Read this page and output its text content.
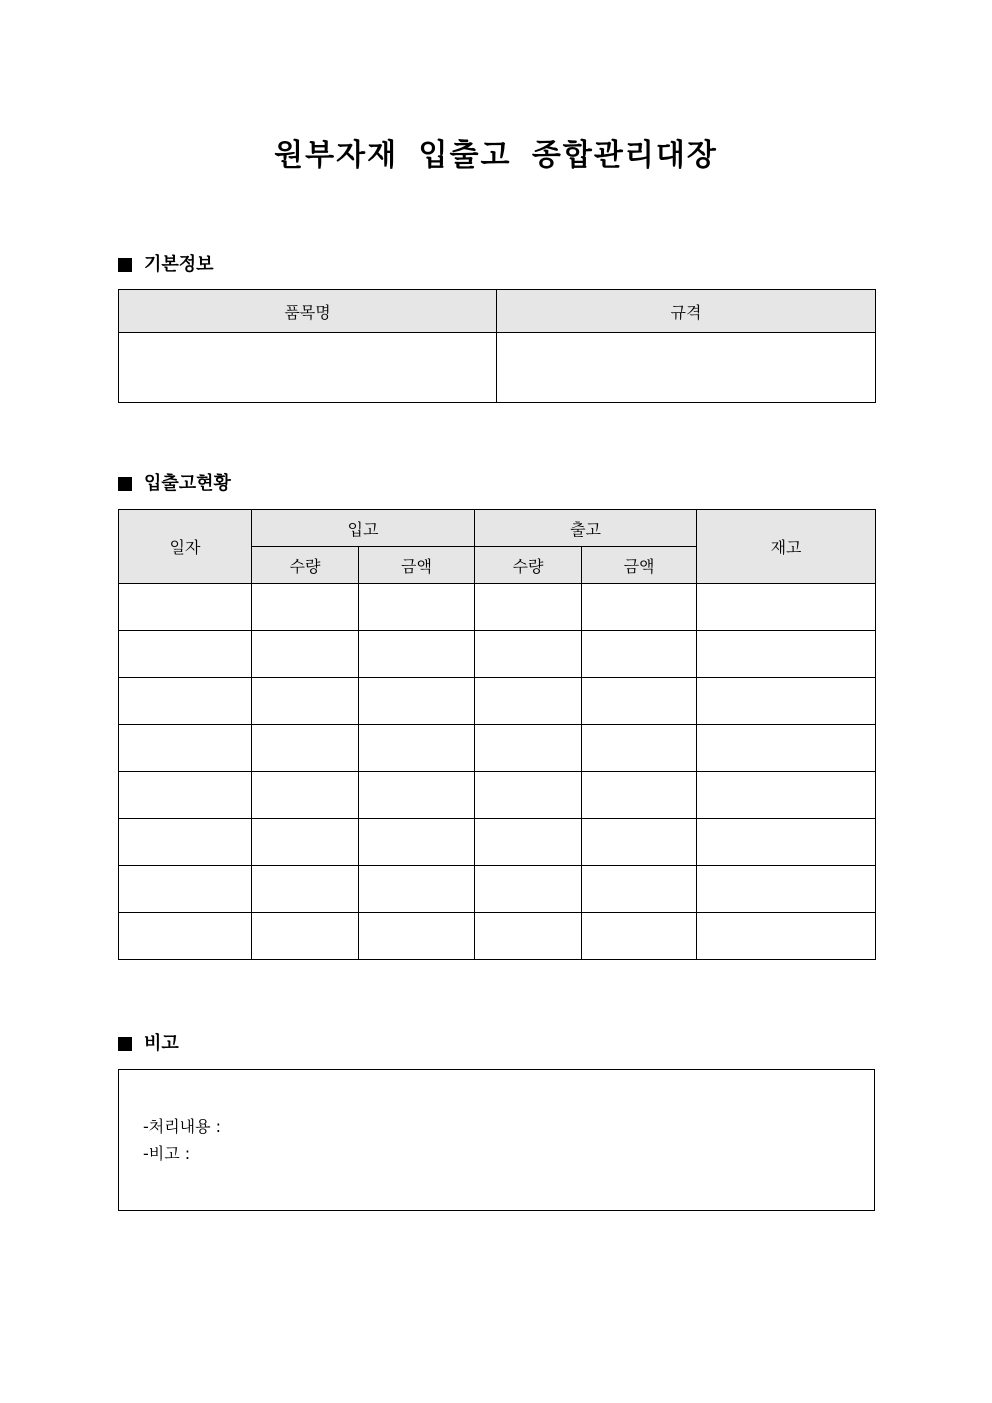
원부자재 입출고 종합관리대장
기본정보
품목명	규격

입출고현황
일자	입고		출고		재고
	수량	금액	수량	금액	

비고
-처리내용 :
-비고 :
